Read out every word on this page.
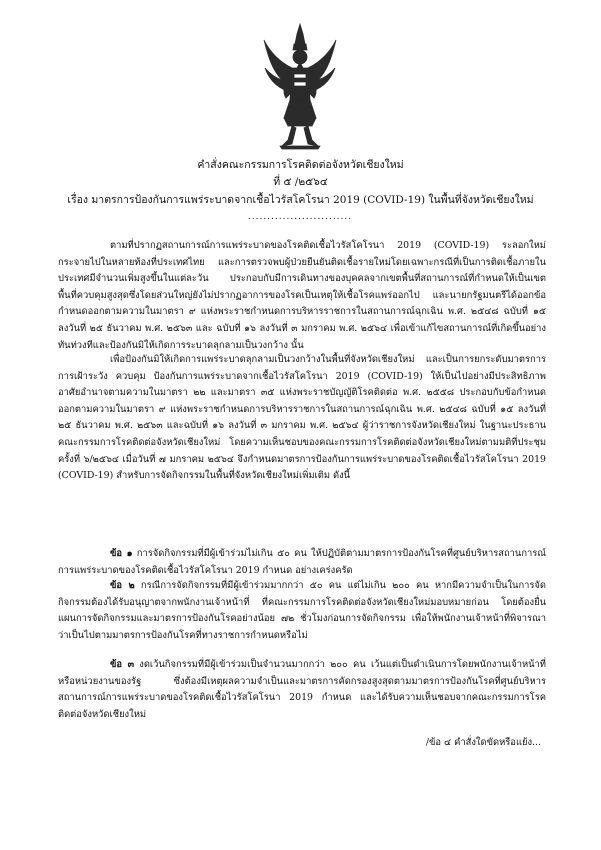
คำสั่งคณะกรรมการโรคติดต่อจังหวัดเชียงใหม่
ที่ ๕ /๒๕๖๔
เรื่อง มาตรการป้องกันการแพร่ระบาดจากเชื้อไวรัสโคโรนา 2019 (COVID-19) ในพื้นที่จังหวัดเชียงใหม่
...........................
ตามที่ปรากฏสถานการณ์การแพร่ระบาดของโรคติดเชื้อไวรัสโคโรนา 2019 (COVID-19) ระลอกใหม่กระจายไปในหลายท้องที่ประเทศไทย และการตรวจพบผู้ป่วยยืนยันติดเชื้อรายใหม่โดยเฉพาะกรณีที่เป็นการติดเชื้อภายในประเทศมีจำนวนเพิ่มสูงขึ้นในแต่ละวัน ประกอบกับมีการเดินทางของบุคคลจากเขตพื้นที่สถานการณ์ที่กำหนดให้เป็นเขตพื้นที่ควบคุมสูงสุดซึ่งโดยส่วนใหญ่ยังไม่ปรากฏอาการของโรคเป็นเหตุให้เชื้อโรคแพร่ออกไป และนายกรัฐมนตรีได้ออกข้อกำหนดออกตามความในมาตรา ๙ แห่งพระราชกำหนดการบริหารราชการในสถานการณ์ฉุกเฉิน พ.ศ. ๒๕๔๘ ฉบับที่ ๑๕ ลงวันที่ ๒๕ ธันวาคม พ.ศ. ๒๕๖๓ และ ฉบับที่ ๑๖ ลงวันที่ ๓ มกราคม พ.ศ. ๒๕๖๔ เพื่อเข้าแก้ไขสถานการณ์ที่เกิดขึ้นอย่างทันท่วงทีและป้องกันมิให้เกิดการระบาดลุกลามเป็นวงกว้าง นั้น
เพื่อป้องกันมิให้เกิดการแพร่ระบาดลุกลามเป็นวงกว้างในพื้นที่จังหวัดเชียงใหม่ และเป็นการยกระดับมาตรการการเฝ้าระวัง ควบคุม ป้องกันการแพร่ระบาดจากเชื้อไวรัสโคโรนา 2019 (COVID-19) ให้เป็นไปอย่างมีประสิทธิภาพ อาศัยอำนาจตามความในมาตรา ๒๒ และมาตรา ๓๕ แห่งพระราชบัญญัติโรคติดต่อ พ.ศ. ๒๕๕๘ ประกอบกับข้อกำหนดออกตามความในมาตรา ๙ แห่งพระราชกำหนดการบริหารราชการในสถานการณ์ฉุกเฉิน พ.ศ. ๒๕๔๘ ฉบับที่ ๑๕ ลงวันที่ ๒๕ ธันวาคม พ.ศ. ๒๕๖๓ และฉบับที่ ๑๖ ลงวันที่ ๓ มกราคม พ.ศ. ๒๕๖๔ ผู้ว่าราชการจังหวัดเชียงใหม่ ในฐานะประธานคณะกรรมการโรคติดต่อจังหวัดเชียงใหม่ โดยความเห็นชอบของคณะกรรมการโรคติดต่อจังหวัดเชียงใหม่ตามมติที่ประชุม ครั้งที่ ๖/๒๕๖๔ เมื่อวันที่ ๗ มกราคม ๒๕๖๔ จึงกำหนดมาตรการป้องกันการแพร่ระบาดของโรคติดเชื้อไวรัสโคโรนา 2019 (COVID-19) สำหรับการจัดกิจกรรมในพื้นที่จังหวัดเชียงใหม่เพิ่มเติม ดังนี้
ข้อ ๑ การจัดกิจกรรมที่มีผู้เข้าร่วมไม่เกิน ๕๐ คน ให้ปฏิบัติตามมาตรการป้องกันโรคที่ศูนย์บริหารสถานการณ์การแพร่ระบาดของโรคติดเชื้อไวรัสโคโรนา 2019 กำหนด อย่างเคร่งครัด
ข้อ ๒ กรณีการจัดกิจกรรมที่มีผู้เข้าร่วมมากกว่า ๕๐ คน แต่ไม่เกิน ๒๐๐ คน หากมีความจำเป็นในการจัดกิจกรรมต้องได้รับอนุญาตจากพนักงานเจ้าหน้าที่ ที่คณะกรรมการโรคติดต่อจังหวัดเชียงใหม่มอบหมายก่อน โดยต้องยื่นแผนการจัดกิจกรรมและมาตรการป้องกันโรคอย่างน้อย ๗๒ ชั่วโมงก่อนการจัดกิจกรรม เพื่อให้พนักงานเจ้าหน้าที่พิจารณาว่าเป็นไปตามมาตรการป้องกันโรคที่ทางราชการกำหนดหรือไม่
ข้อ ๓ งดเว้นกิจกรรมที่มีผู้เข้าร่วมเป็นจำนวนมากกว่า ๒๐๐ คน เว้นแต่เป็นดำเนินการโดยพนักงานเจ้าหน้าที่หรือหน่วยงานของรัฐ ซึ่งต้องมีเหตุผลความจำเป็นและมาตรการคัดกรองสูงสุดตามมาตรการป้องกันโรคที่ศูนย์บริหารสถานการณ์การแพร่ระบาดของโรคติดเชื้อไวรัสโคโรนา 2019 กำหนด และได้รับความเห็นชอบจากคณะกรรมการโรคติดต่อจังหวัดเชียงใหม่
/ข้อ ๔ คำสั่งใดขัดหรือแย้ง...
